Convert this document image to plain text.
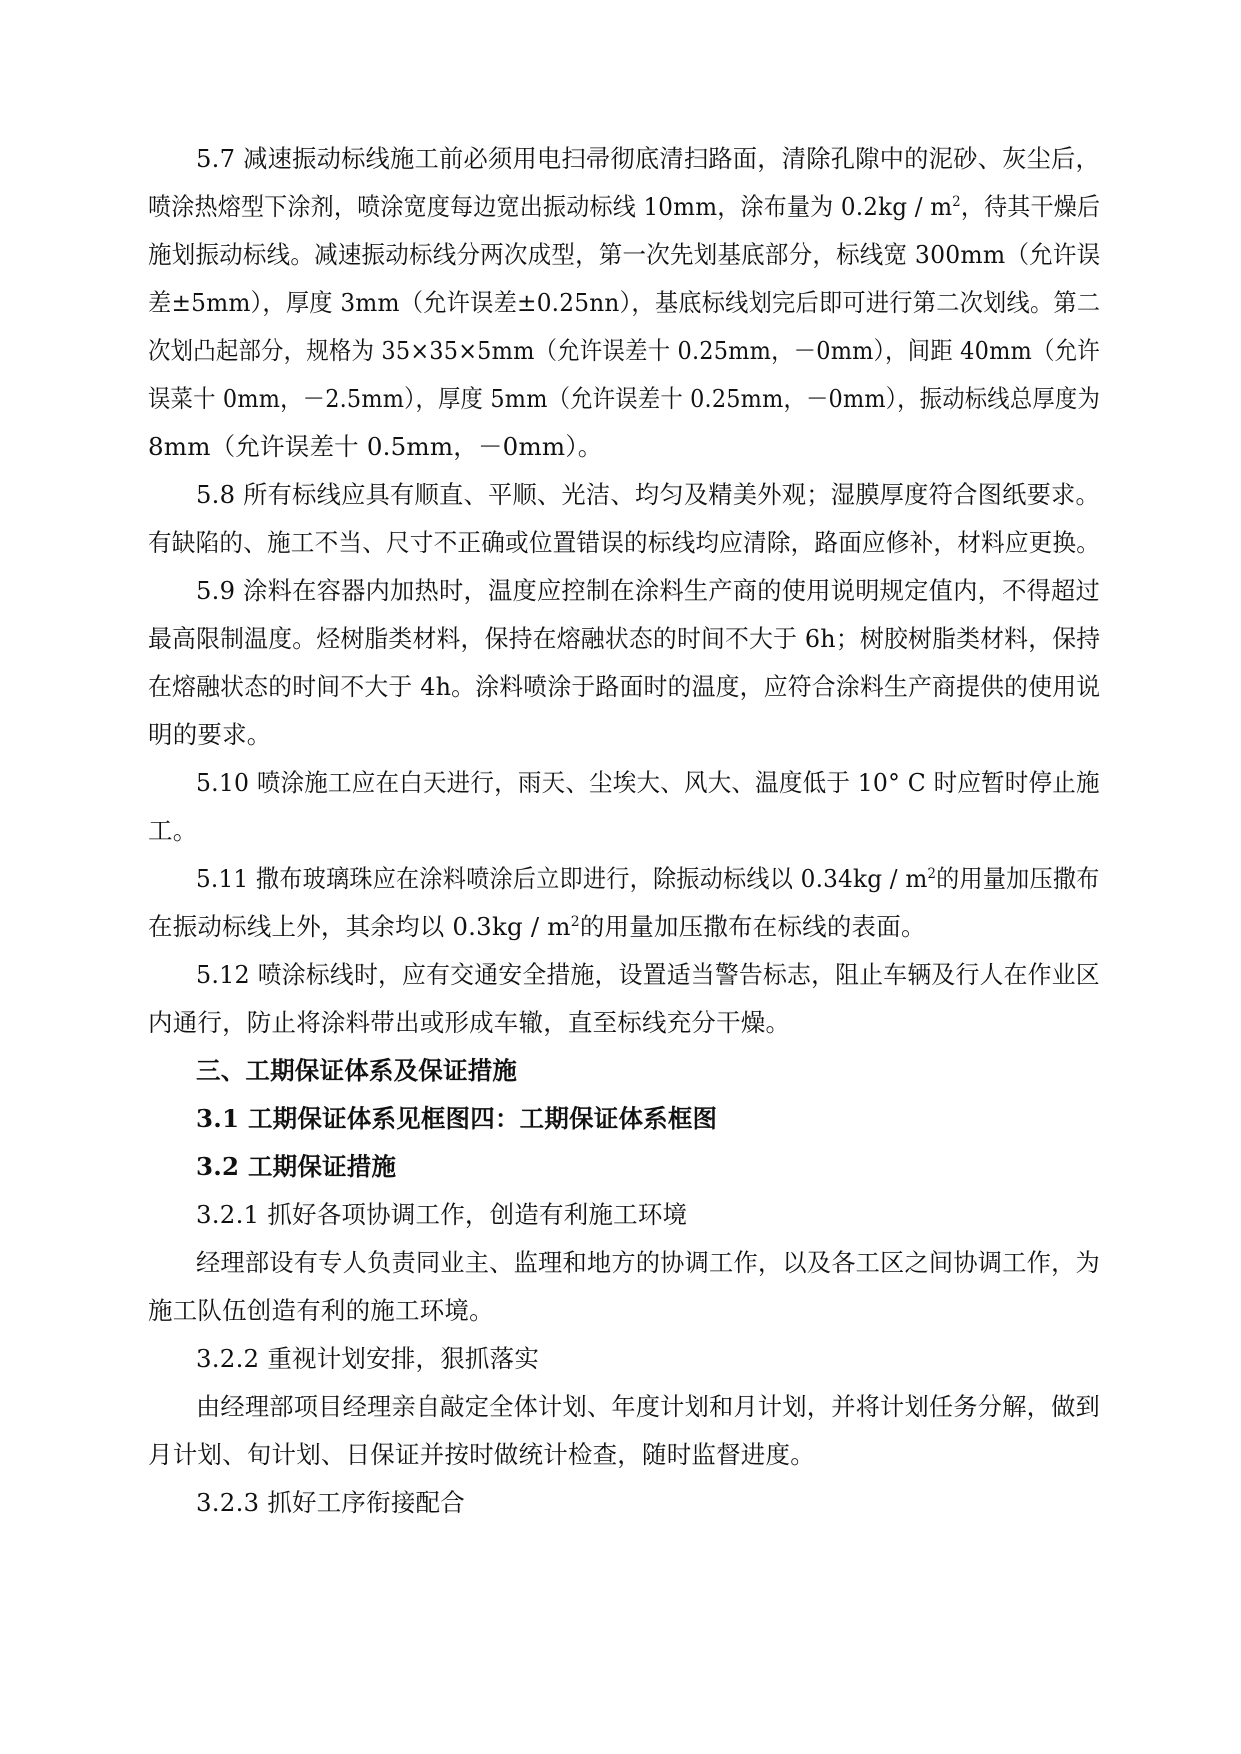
5.7 减速振动标线施工前必须用电扫帚彻底清扫路面，清除孔隙中的泥砂、灰尘后，
喷涂热熔型下涂剂，喷涂宽度每边宽出振动标线 10mm，涂布量为 $0.2kg / m^2$，待其干燥后
施划振动标线。减速振动标线分两次成型，第一次先划基底部分，标线宽 300mm（允许误
差±5mm），厚度 3mm（允许误差±0.25nn），基底标线划完后即可进行第二次划线。第二
次划凸起部分，规格为 35×35×5mm（允许误差十 0.25mm，－0mm），间距 40mm（允许
误菜十 0mm，－2.5mm），厚度 5mm（允许误差十 0.25mm，－0mm），振动标线总厚度为
8mm（允许误差十 0.5mm，－0mm）。
5.8 所有标线应具有顺直、平顺、光洁、均匀及精美外观；湿膜厚度符合图纸要求。
有缺陷的、施工不当、尺寸不正确或位置错误的标线均应清除，路面应修补，材料应更换。
5.9 涂料在容器内加热时，温度应控制在涂料生产商的使用说明规定值内，不得超过
最高限制温度。烃树脂类材料，保持在熔融状态的时间不大于 6h；树胶树脂类材料，保持
在熔融状态的时间不大于 4h。涂料喷涂于路面时的温度，应符合涂料生产商提供的使用说
明的要求。
5.10 喷涂施工应在白天进行，雨天、尘埃大、风大、温度低于 10° C 时应暂时停止施
工。
5.11 撒布玻璃珠应在涂料喷涂后立即进行，除振动标线以 $0.34kg / m^2$的用量加压撒布
在振动标线上外，其余均以 $0.3kg / m^2$的用量加压撒布在标线的表面。
5.12 喷涂标线时，应有交通安全措施，设置适当警告标志，阻止车辆及行人在作业区
内通行，防止将涂料带出或形成车辙，直至标线充分干燥。
三、工期保证体系及保证措施
3.1 工期保证体系见框图四：工期保证体系框图
3.2 工期保证措施
3.2.1 抓好各项协调工作，创造有利施工环境
经理部设有专人负责同业主、监理和地方的协调工作，以及各工区之间协调工作，为
施工队伍创造有利的施工环境。
3.2.2 重视计划安排，狠抓落实
由经理部项目经理亲自敲定全体计划、年度计划和月计划，并将计划任务分解，做到
月计划、旬计划、日保证并按时做统计检查，随时监督进度。
3.2.3 抓好工序衔接配合
